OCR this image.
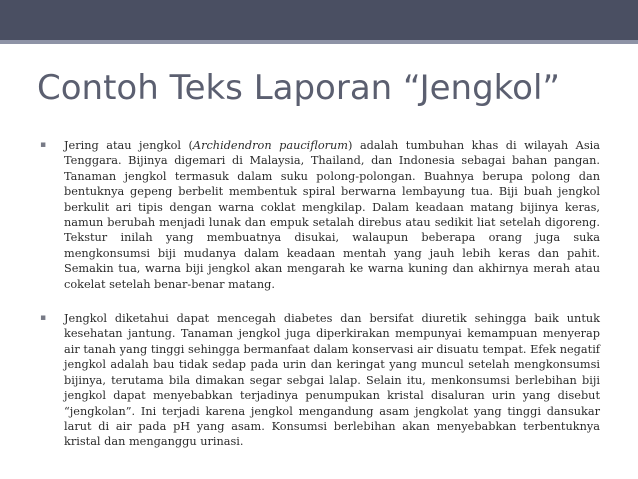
Contoh Teks Laporan “Jengkol”
▪ Jering atau jengkol (Archidendron pauciflorum) adalah tumbuhan khas di wilayah Asia Tenggara. Bijinya digemari di Malaysia, Thailand, dan Indonesia sebagai bahan pangan. Tanaman jengkol termasuk dalam suku polong-polongan. Buahnya berupa polong dan bentuknya gepeng berbelit membentuk spiral berwarna lembayung tua. Biji buah jengkol berkulit ari tipis dengan warna coklat mengkilap. Dalam keadaan matang bijinya keras, namun berubah menjadi lunak dan empuk setalah direbus atau sedikit liat setelah digoreng. Tekstur inilah yang membuatnya disukai, walaupun beberapa orang juga suka mengkonsumsi biji mudanya dalam keadaan mentah yang jauh lebih keras dan pahit. Semakin tua, warna biji jengkol akan mengarah ke warna kuning dan akhirnya merah atau cokelat setelah benar-benar matang.
▪ Jengkol diketahui dapat mencegah diabetes dan bersifat diuretik sehingga baik untuk kesehatan jantung. Tanaman jengkol juga diperkirakan mempunyai kemampuan menyerap air tanah yang tinggi sehingga bermanfaat dalam konservasi air disuatu tempat. Efek negatif jengkol adalah bau tidak sedap pada urin dan keringat yang muncul setelah mengkonsumsi bijinya, terutama bila dimakan segar sebgai lalap. Selain itu, menkonsumsi berlebihan biji jengkol dapat menyebabkan terjadinya penumpukan kristal disaluran urin yang disebut “jengkolan”. Ini terjadi karena jengkol mengandung asam jengkolat yang tinggi dansukar larut di air pada pH yang asam. Konsumsi berlebihan akan menyebabkan terbentuknya kristal dan menganggu urinasi.
